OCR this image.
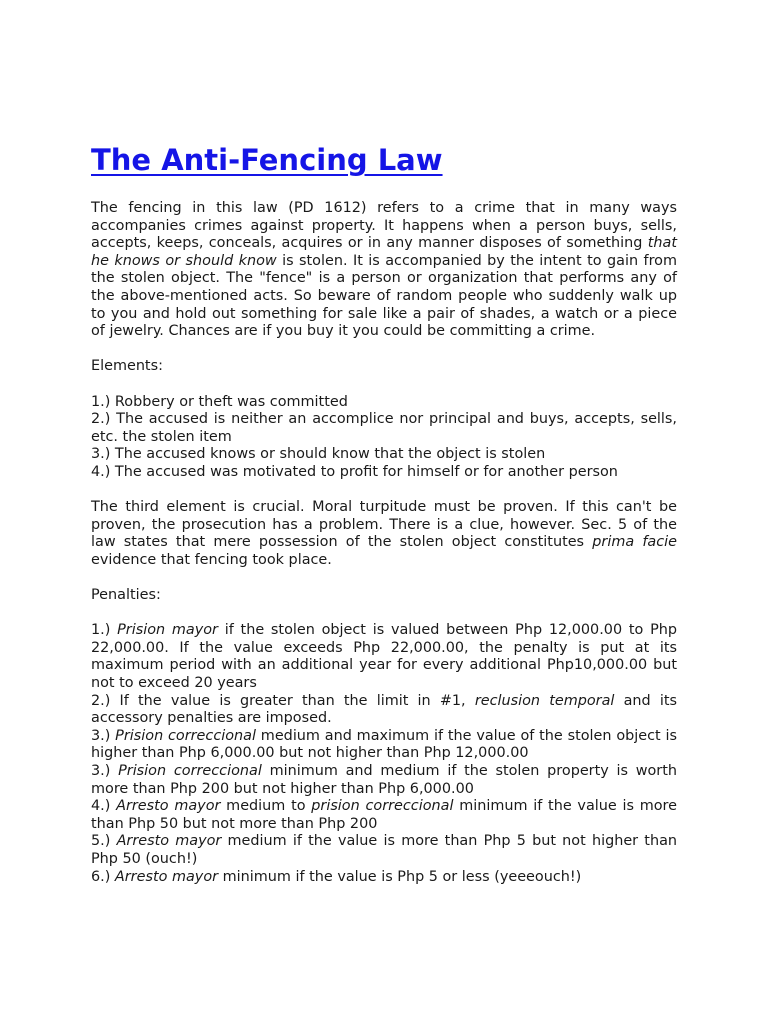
The Anti-Fencing Law

The fencing in this law (PD 1612) refers to a crime that in many ways accompanies crimes against property. It happens when a person buys, sells, accepts, keeps, conceals, acquires or in any manner disposes of something that he knows or should know is stolen. It is accompanied by the intent to gain from the stolen object. The "fence" is a person or organization that performs any of the above-mentioned acts. So beware of random people who suddenly walk up to you and hold out something for sale like a pair of shades, a watch or a piece of jewelry. Chances are if you buy it you could be committing a crime.

Elements:

1.) Robbery or theft was committed

2.) The accused is neither an accomplice nor principal and buys, accepts, sells, etc. the stolen item

3.) The accused knows or should know that the object is stolen

4.) The accused was motivated to profit for himself or for another person

The third element is crucial. Moral turpitude must be proven. If this can't be proven, the prosecution has a problem. There is a clue, however. Sec. 5 of the law states that mere possession of the stolen object constitutes prima facie evidence that fencing took place.

Penalties:

1.) Prision mayor if the stolen object is valued between Php 12,000.00 to Php 22,000.00. If the value exceeds Php 22,000.00, the penalty is put at its maximum period with an additional year for every additional Php10,000.00 but not to exceed 20 years

2.) If the value is greater than the limit in #1, reclusion temporal and its accessory penalties are imposed.

3.) Prision correccional medium and maximum if the value of the stolen object is higher than Php 6,000.00 but not higher than Php 12,000.00

3.) Prision correccional minimum and medium if the stolen property is worth more than Php 200 but not higher than Php 6,000.00

4.) Arresto mayor medium to prision correccional minimum if the value is more than Php 50 but not more than Php 200

5.) Arresto mayor medium if the value is more than Php 5 but not higher than Php 50 (ouch!)

6.) Arresto mayor minimum if the value is Php 5 or less (yeeeouch!)
